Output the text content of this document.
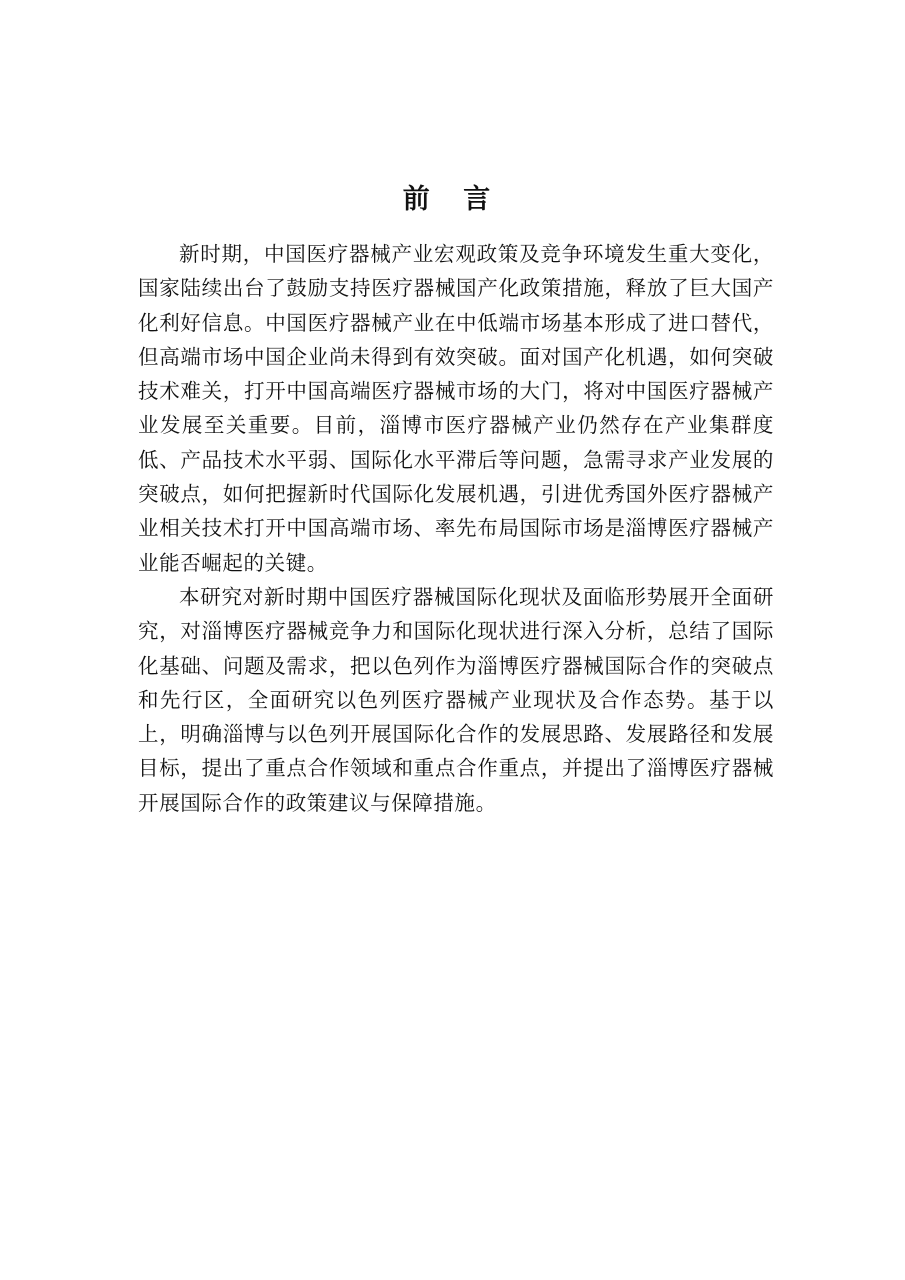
前 言

新时期，中国医疗器械产业宏观政策及竞争环境发生重大变化，国家陆续出台了鼓励支持医疗器械国产化政策措施，释放了巨大国产化利好信息。中国医疗器械产业在中低端市场基本形成了进口替代，但高端市场中国企业尚未得到有效突破。面对国产化机遇，如何突破技术难关，打开中国高端医疗器械市场的大门，将对中国医疗器械产业发展至关重要。目前，淄博市医疗器械产业仍然存在产业集群度低、产品技术水平弱、国际化水平滞后等问题，急需寻求产业发展的突破点，如何把握新时代国际化发展机遇，引进优秀国外医疗器械产业相关技术打开中国高端市场、率先布局国际市场是淄博医疗器械产业能否崛起的关键。

本研究对新时期中国医疗器械国际化现状及面临形势展开全面研究，对淄博医疗器械竞争力和国际化现状进行深入分析，总结了国际化基础、问题及需求，把以色列作为淄博医疗器械国际合作的突破点和先行区，全面研究以色列医疗器械产业现状及合作态势。基于以上，明确淄博与以色列开展国际化合作的发展思路、发展路径和发展目标，提出了重点合作领域和重点合作重点，并提出了淄博医疗器械开展国际合作的政策建议与保障措施。
